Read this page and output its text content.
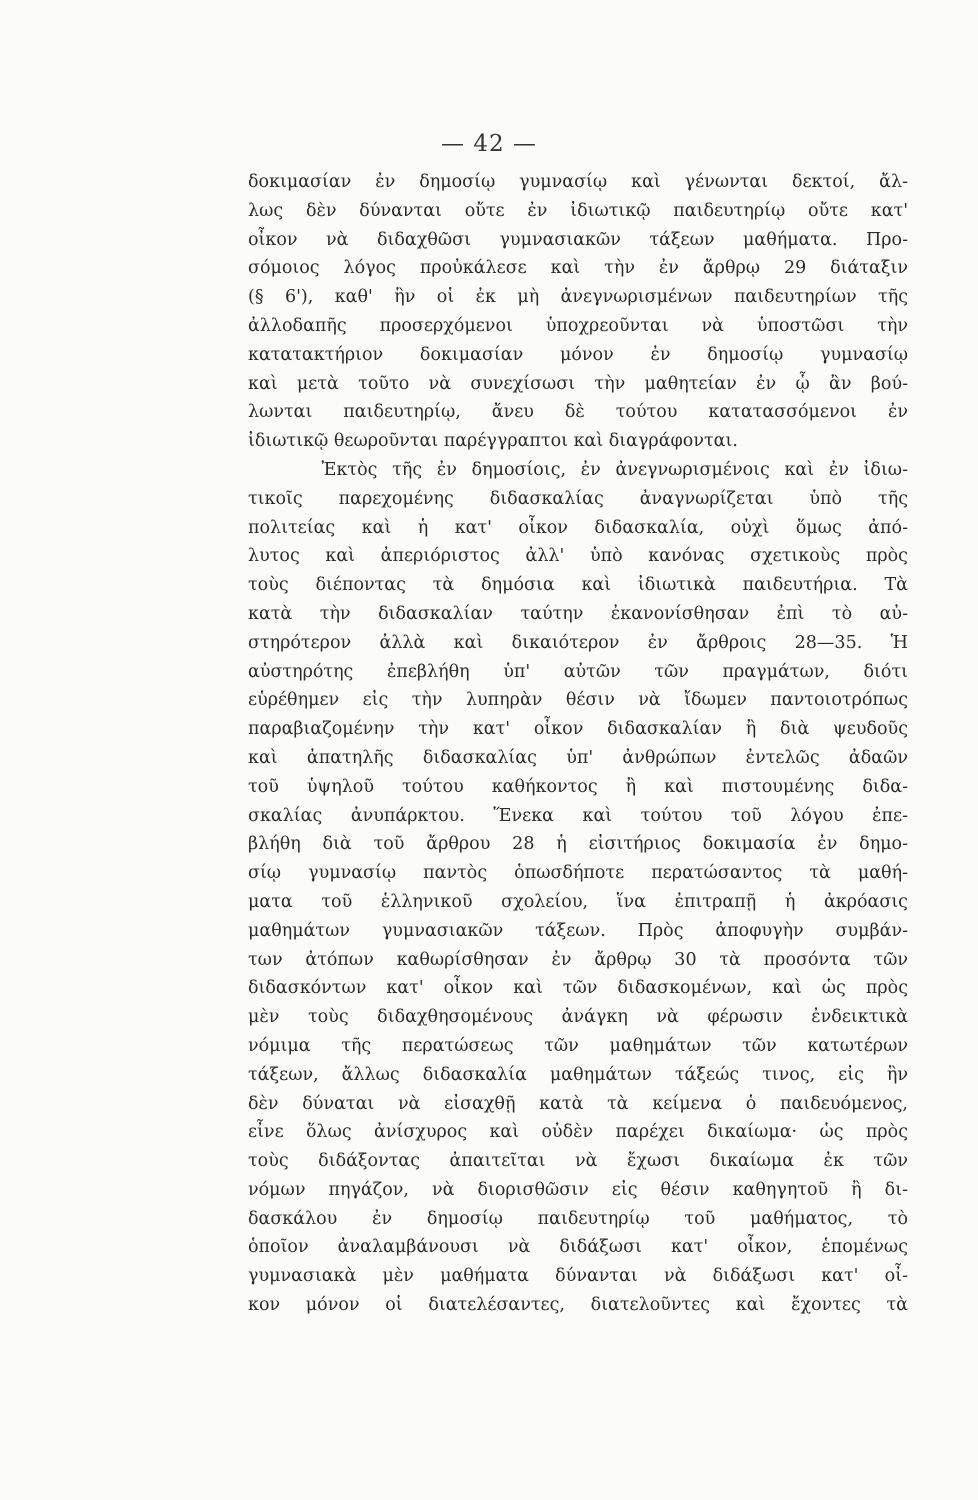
— 42 —
δοκιμασίαν ἐν δημοσίῳ γυμνασίῳ καὶ γένωνται δεκτοί, ἄλ-
λως δὲν δύνανται οὔτε ἐν ἰδιωτικῷ παιδευτηρίῳ οὔτε κατ'
οἶκον νὰ διδαχθῶσι γυμνασιακῶν τάξεων μαθήματα. Προ-
σόμοιος λόγος προὐκάλεσε καὶ τὴν ἐν ἄρθρῳ 29 διάταξιν
(§ 6'), καθ' ἣν οἱ ἐκ μὴ ἀνεγνωρισμένων παιδευτηρίων τῆς
ἀλλοδαπῆς προσερχόμενοι ὑποχρεοῦνται νὰ ὑποστῶσι τὴν
κατατακτήριον δοκιμασίαν μόνον ἐν δημοσίῳ γυμνασίῳ
καὶ μετὰ τοῦτο νὰ συνεχίσωσι τὴν μαθητείαν ἐν ᾧ ἂν βού-
λωνται παιδευτηρίῳ, ἄνευ δὲ τούτου κατατασσόμενοι ἐν
ἰδιωτικῷ θεωροῦνται παρέγγραπτοι καὶ διαγράφονται.
Ἐκτὸς τῆς ἐν δημοσίοις, ἐν ἀνεγνωρισμένοις καὶ ἐν ἰδιω-
τικοῖς παρεχομένης διδασκαλίας ἀναγνωρίζεται ὑπὸ τῆς
πολιτείας καὶ ἡ κατ' οἶκον διδασκαλία, οὐχὶ ὅμως ἀπό-
λυτος καὶ ἀπεριόριστος ἀλλ' ὑπὸ κανόνας σχετικοὺς πρὸς
τοὺς διέποντας τὰ δημόσια καὶ ἰδιωτικὰ παιδευτήρια. Τὰ
κατὰ τὴν διδασκαλίαν ταύτην ἐκανονίσθησαν ἐπὶ τὸ αὐ-
στηρότερον ἀλλὰ καὶ δικαιότερον ἐν ἄρθροις 28—35. Ἡ
αὐστηρότης ἐπεβλήθη ὑπ' αὐτῶν τῶν πραγμάτων, διότι
εὑρέθημεν εἰς τὴν λυπηρὰν θέσιν νὰ ἴδωμεν παντοιοτρόπως
παραβιαζομένην τὴν κατ' οἶκον διδασκαλίαν ἢ διὰ ψευδοῦς
καὶ ἀπατηλῆς διδασκαλίας ὑπ' ἀνθρώπων ἐντελῶς ἀδαῶν
τοῦ ὑψηλοῦ τούτου καθήκοντος ἢ καὶ πιστουμένης διδα-
σκαλίας ἀνυπάρκτου. Ἕνεκα καὶ τούτου τοῦ λόγου ἐπε-
βλήθη διὰ τοῦ ἄρθρου 28 ἡ εἰσιτήριος δοκιμασία ἐν δημο-
σίῳ γυμνασίῳ παντὸς ὁπωσδήποτε περατώσαντος τὰ μαθή-
ματα τοῦ ἑλληνικοῦ σχολείου, ἵνα ἐπιτραπῇ ἡ ἀκρόασις
μαθημάτων γυμνασιακῶν τάξεων. Πρὸς ἀποφυγὴν συμβάν-
των ἀτόπων καθωρίσθησαν ἐν ἄρθρῳ 30 τὰ προσόντα τῶν
διδασκόντων κατ' οἶκον καὶ τῶν διδασκομένων, καὶ ὡς πρὸς
μὲν τοὺς διδαχθησομένους ἀνάγκη νὰ φέρωσιν ἐνδεικτικὰ
νόμιμα τῆς περατώσεως τῶν μαθημάτων τῶν κατωτέρων
τάξεων, ἄλλως διδασκαλία μαθημάτων τάξεώς τινος, εἰς ἣν
δὲν δύναται νὰ εἰσαχθῇ κατὰ τὰ κείμενα ὁ παιδευόμενος,
εἶνε ὅλως ἀνίσχυρος καὶ οὐδὲν παρέχει δικαίωμα· ὡς πρὸς
τοὺς διδάξοντας ἀπαιτεῖται νὰ ἔχωσι δικαίωμα ἐκ τῶν
νόμων πηγάζον, νὰ διορισθῶσιν εἰς θέσιν καθηγητοῦ ἢ δι-
δασκάλου ἐν δημοσίῳ παιδευτηρίῳ τοῦ μαθήματος, τὸ
ὁποῖον ἀναλαμβάνουσι νὰ διδάξωσι κατ' οἶκον, ἑπομένως
γυμνασιακὰ μὲν μαθήματα δύνανται νὰ διδάξωσι κατ' οἶ-
κον μόνον οἱ διατελέσαντες, διατελοῦντες καὶ ἔχοντες τὰ
